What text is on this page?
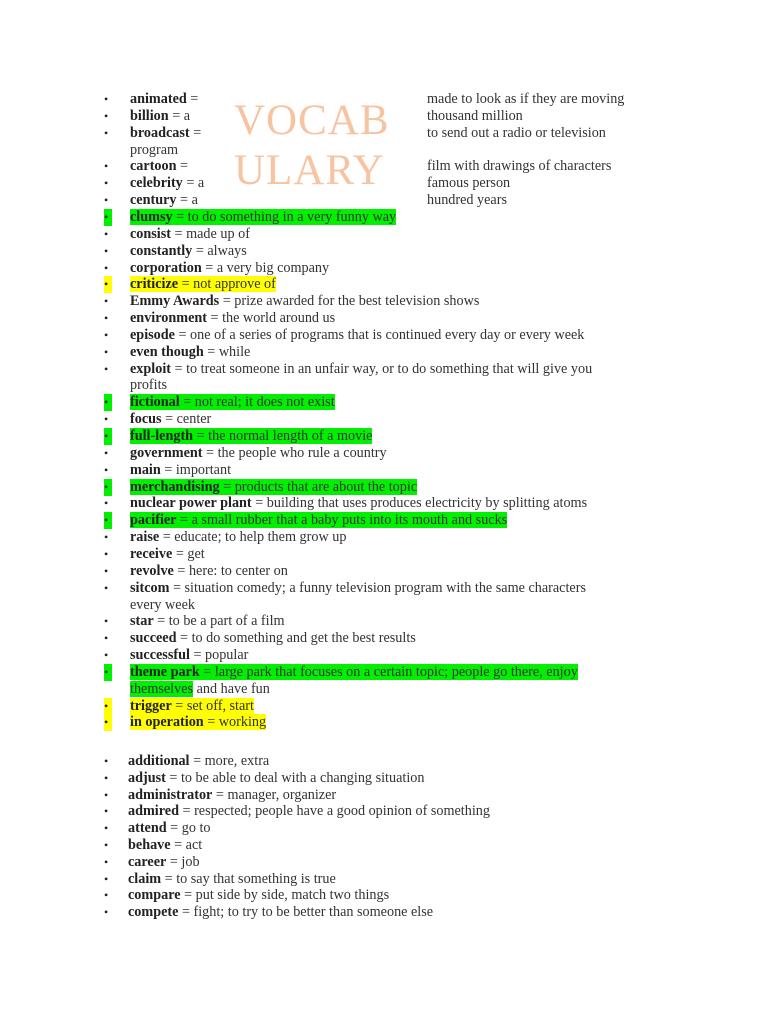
VOCAB
ULARY
• animated =	made to look as if they are moving
• billion = a	thousand million
• broadcast =	to send out a radio or television
program
• cartoon =	film with drawings of characters
• celebrity = a	famous person
• century = a	hundred years
• clumsy = to do something in a very funny way
• consist = made up of
• constantly = always
• corporation = a very big company
• criticize = not approve of
• Emmy Awards = prize awarded for the best television shows
• environment = the world around us
• episode = one of a series of programs that is continued every day or every week
• even though = while
• exploit = to treat someone in an unfair way, or to do something that will give you
profits
• fictional = not real; it does not exist
• focus = center
• full-length = the normal length of a movie
• government = the people who rule a country
• main = important
• merchandising = products that are about the topic
• nuclear power plant = building that uses produces electricity by splitting atoms
• pacifier = a small rubber that a baby puts into its mouth and sucks
• raise = educate; to help them grow up
• receive = get
• revolve = here: to center on
• sitcom = situation comedy; a funny television program with the same characters
every week
• star = to be a part of a film
• succeed = to do something and get the best results
• successful = popular
• theme park = large park that focuses on a certain topic; people go there, enjoy
themselves and have fun
• trigger = set off, start
• in operation = working
• additional = more, extra
• adjust = to be able to deal with a changing situation
• administrator = manager, organizer
• admired = respected; people have a good opinion of something
• attend = go to
• behave = act
• career = job
• claim = to say that something is true
• compare = put side by side, match two things
• compete = fight; to try to be better than someone else
